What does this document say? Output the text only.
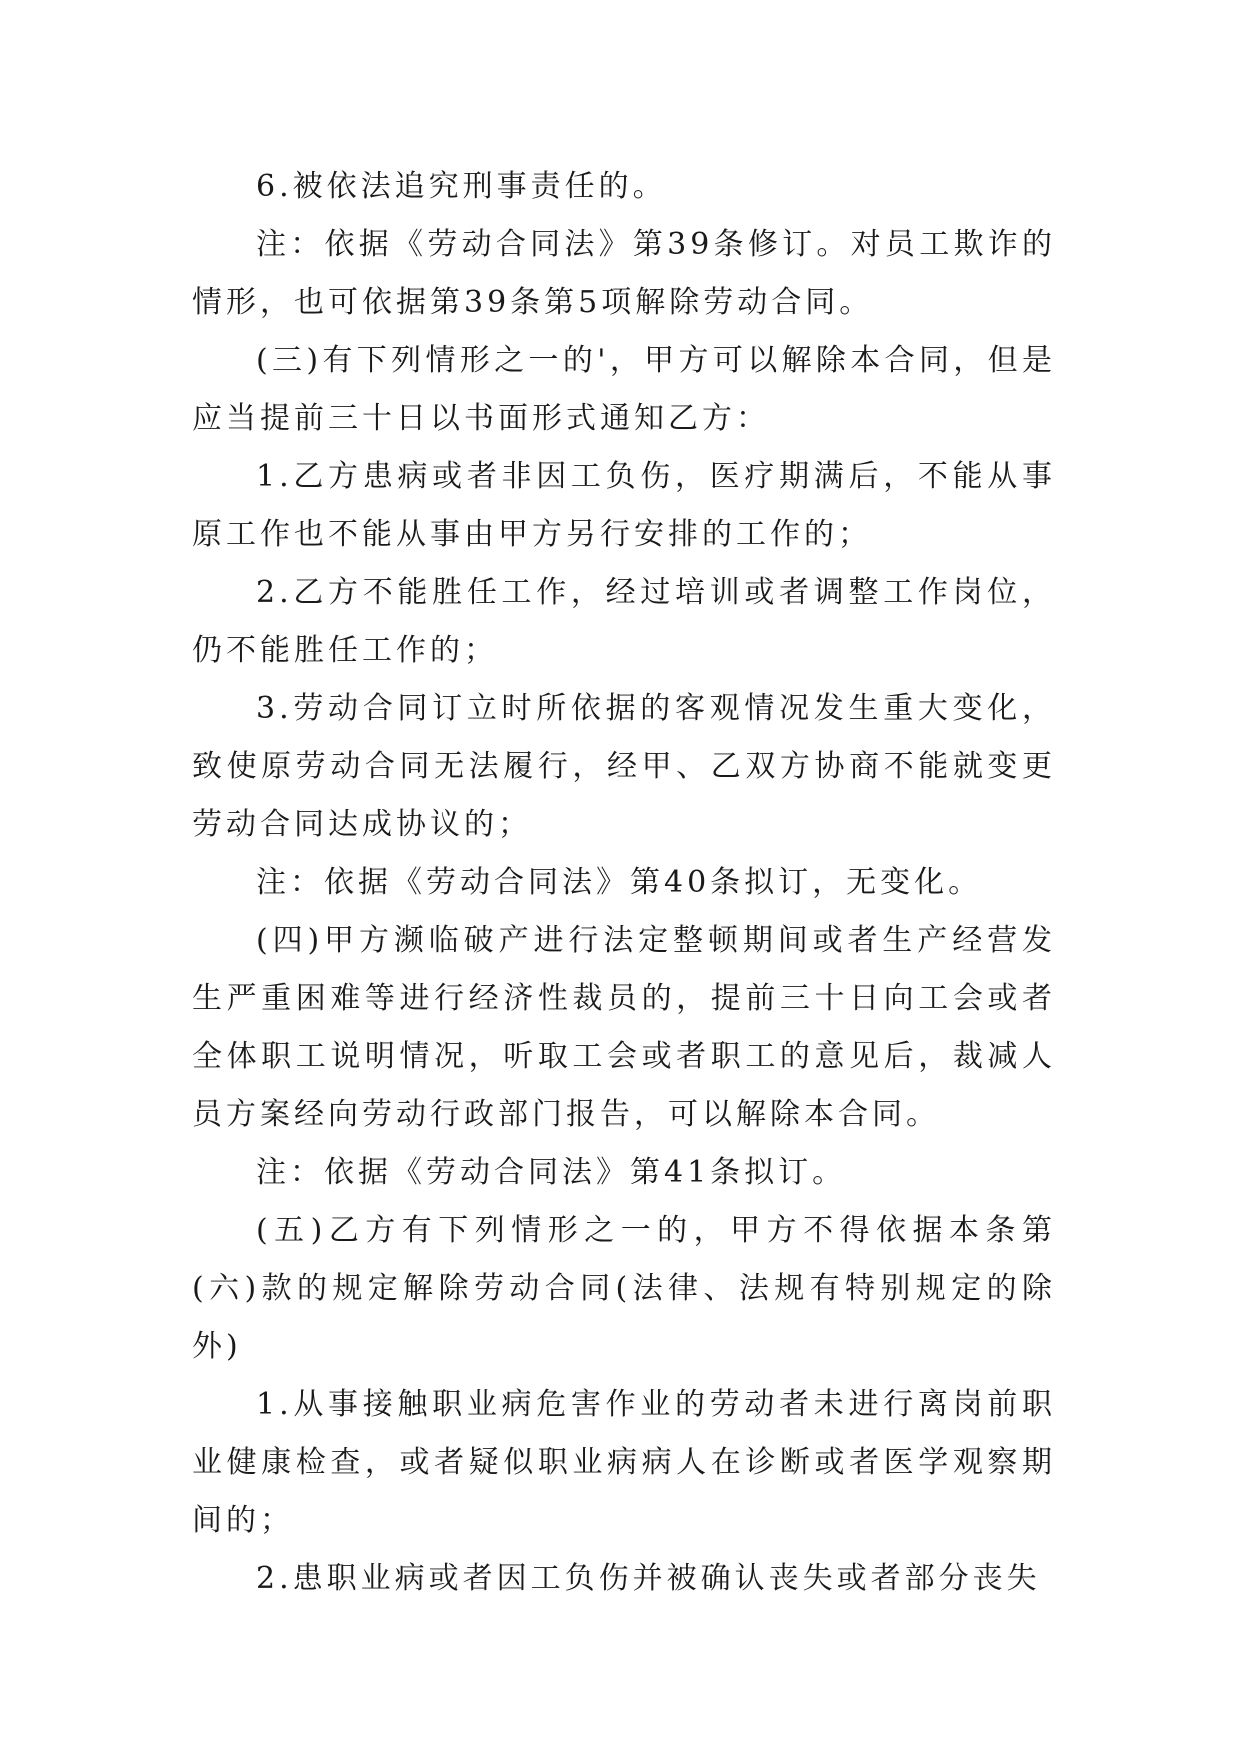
6.被依法追究刑事责任的。

注：依据《劳动合同法》第39条修订。对员工欺诈的情形，也可依据第39条第5项解除劳动合同。

(三)有下列情形之一的'，甲方可以解除本合同，但是应当提前三十日以书面形式通知乙方：

1.乙方患病或者非因工负伤，医疗期满后，不能从事原工作也不能从事由甲方另行安排的工作的；

2.乙方不能胜任工作，经过培训或者调整工作岗位，仍不能胜任工作的；

3.劳动合同订立时所依据的客观情况发生重大变化，致使原劳动合同无法履行，经甲、乙双方协商不能就变更劳动合同达成协议的；

注：依据《劳动合同法》第40条拟订，无变化。

(四)甲方濒临破产进行法定整顿期间或者生产经营发生严重困难等进行经济性裁员的，提前三十日向工会或者全体职工说明情况，听取工会或者职工的意见后，裁减人员方案经向劳动行政部门报告，可以解除本合同。

注：依据《劳动合同法》第41条拟订。

(五)乙方有下列情形之一的，甲方不得依据本条第(六)款的规定解除劳动合同(法律、法规有特别规定的除外)

1.从事接触职业病危害作业的劳动者未进行离岗前职业健康检查，或者疑似职业病病人在诊断或者医学观察期间的；

2.患职业病或者因工负伤并被确认丧失或者部分丧失
